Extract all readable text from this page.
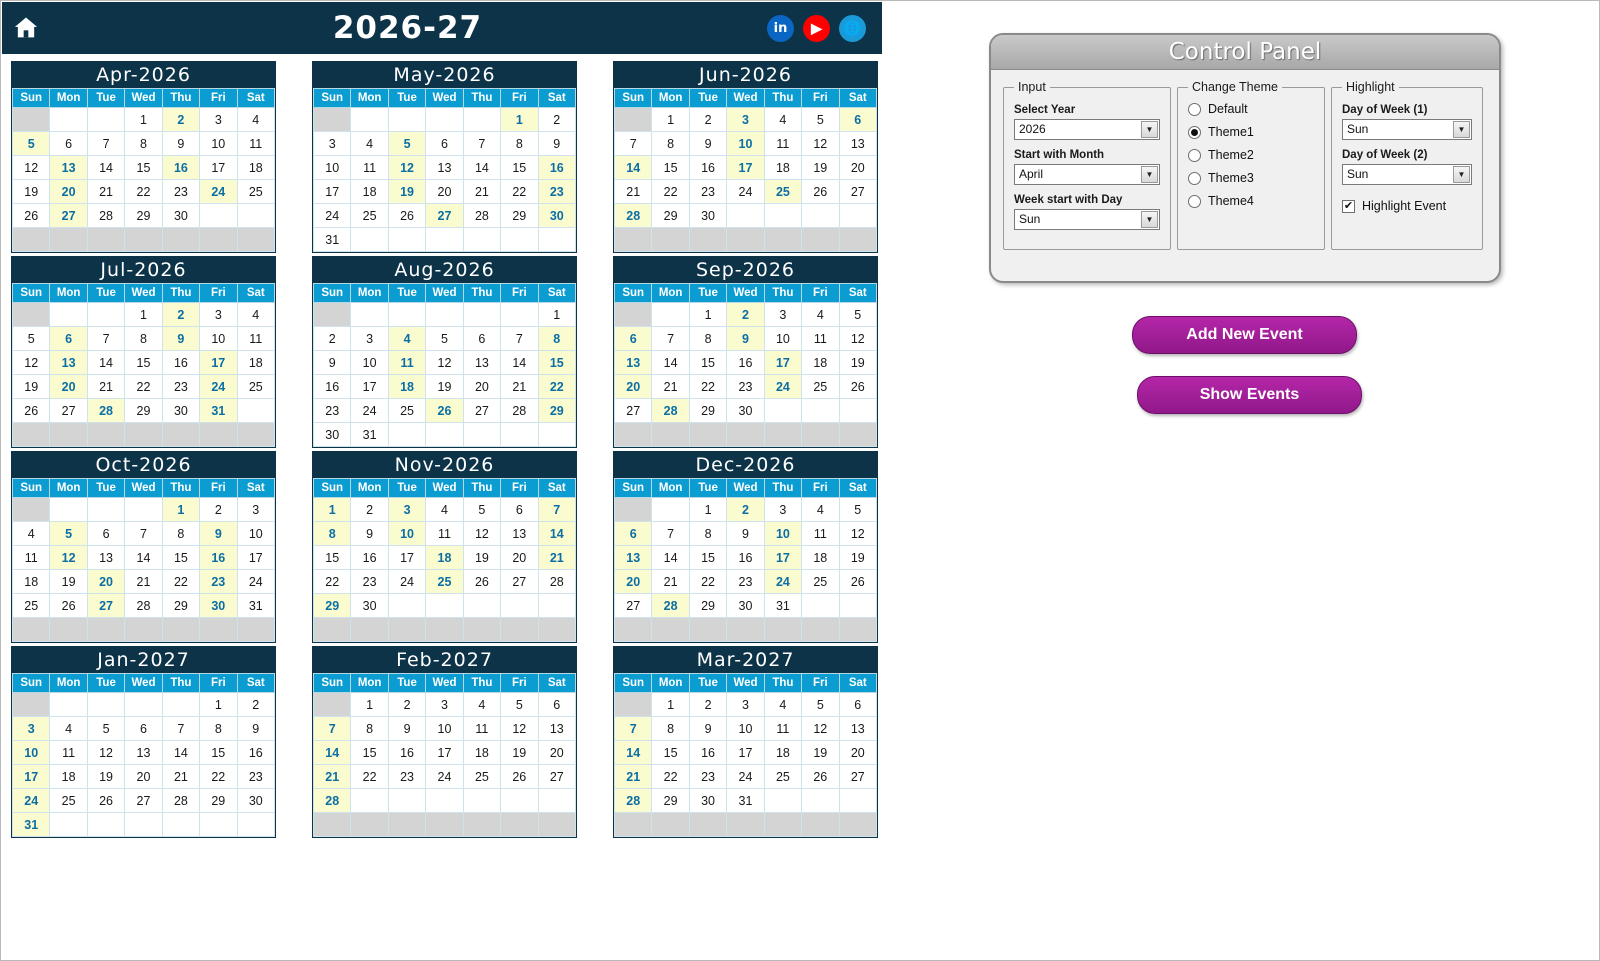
2026-27	in	▶	🌐
Apr-2026
Sun	Mon	Tue	Wed	Thu	Fri	Sat
			1	2	3	4
5	6	7	8	9	10	11
12	13	14	15	16	17	18
19	20	21	22	23	24	25
26	27	28	29	30		

May-2026
Sun	Mon	Tue	Wed	Thu	Fri	Sat
					1	2
3	4	5	6	7	8	9
10	11	12	13	14	15	16
17	18	19	20	21	22	23
24	25	26	27	28	29	30
31						
Jun-2026
Sun	Mon	Tue	Wed	Thu	Fri	Sat
	1	2	3	4	5	6
7	8	9	10	11	12	13
14	15	16	17	18	19	20
21	22	23	24	25	26	27
28	29	30				

Jul-2026
Sun	Mon	Tue	Wed	Thu	Fri	Sat
			1	2	3	4
5	6	7	8	9	10	11
12	13	14	15	16	17	18
19	20	21	22	23	24	25
26	27	28	29	30	31	

Aug-2026
Sun	Mon	Tue	Wed	Thu	Fri	Sat
						1
2	3	4	5	6	7	8
9	10	11	12	13	14	15
16	17	18	19	20	21	22
23	24	25	26	27	28	29
30	31					
Sep-2026
Sun	Mon	Tue	Wed	Thu	Fri	Sat
		1	2	3	4	5
6	7	8	9	10	11	12
13	14	15	16	17	18	19
20	21	22	23	24	25	26
27	28	29	30			

Oct-2026
Sun	Mon	Tue	Wed	Thu	Fri	Sat
				1	2	3
4	5	6	7	8	9	10
11	12	13	14	15	16	17
18	19	20	21	22	23	24
25	26	27	28	29	30	31

Nov-2026
Sun	Mon	Tue	Wed	Thu	Fri	Sat
1	2	3	4	5	6	7
8	9	10	11	12	13	14
15	16	17	18	19	20	21
22	23	24	25	26	27	28
29	30					

Dec-2026
Sun	Mon	Tue	Wed	Thu	Fri	Sat
		1	2	3	4	5
6	7	8	9	10	11	12
13	14	15	16	17	18	19
20	21	22	23	24	25	26
27	28	29	30	31		

Jan-2027
Sun	Mon	Tue	Wed	Thu	Fri	Sat
					1	2
3	4	5	6	7	8	9
10	11	12	13	14	15	16
17	18	19	20	21	22	23
24	25	26	27	28	29	30
31						
Feb-2027
Sun	Mon	Tue	Wed	Thu	Fri	Sat
	1	2	3	4	5	6
7	8	9	10	11	12	13
14	15	16	17	18	19	20
21	22	23	24	25	26	27
28						

Mar-2027
Sun	Mon	Tue	Wed	Thu	Fri	Sat
	1	2	3	4	5	6
7	8	9	10	11	12	13
14	15	16	17	18	19	20
21	22	23	24	25	26	27
28	29	30	31			

Control Panel
Input
Select Year
2026	▼
Start with Month
April	▼
Week start with Day
Sun	▼
Change Theme
Default
Theme1
Theme2
Theme3
Theme4
Highlight
Day of Week (1)
Sun	▼
Day of Week (2)
Sun	▼
✔ Highlight Event
Add New Event
Show Events
